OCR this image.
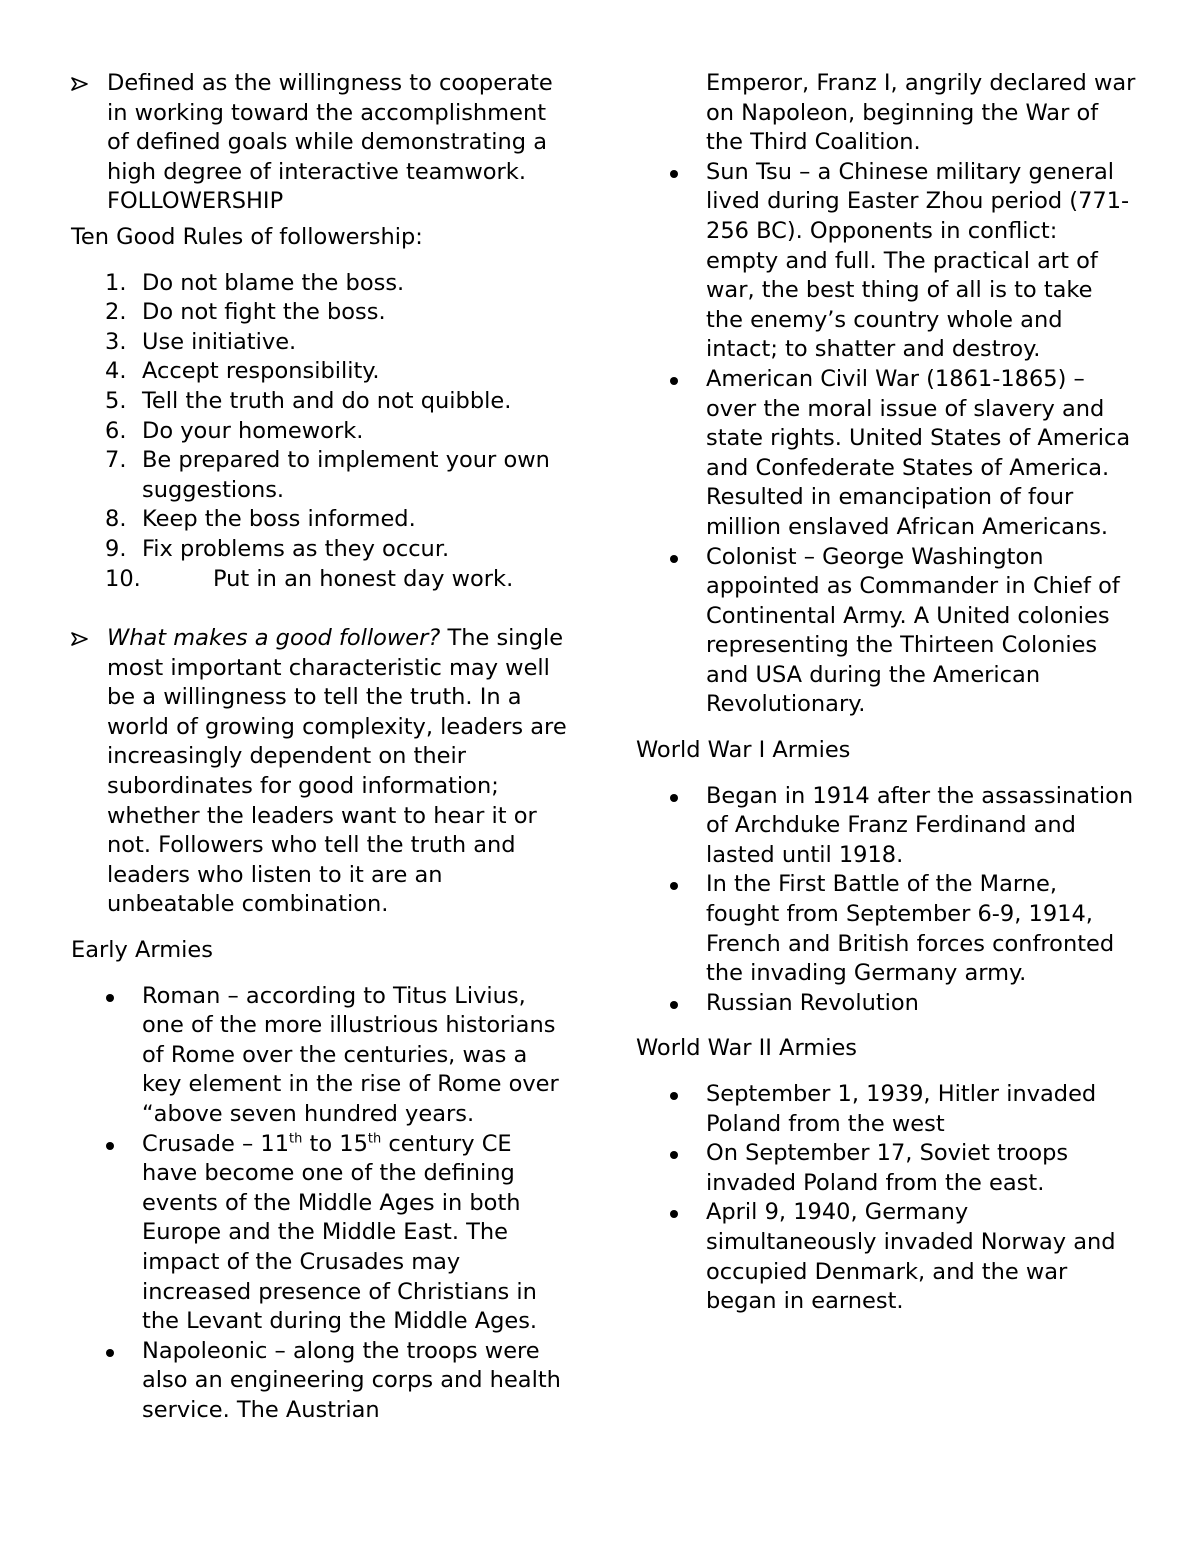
Defined as the willingness to cooperate in working toward the accomplishment of defined goals while demonstrating a high degree of interactive teamwork. FOLLOWERSHIP

Ten Good Rules of followership:

1. Do not blame the boss.
2. Do not fight the boss.
3. Use initiative.
4. Accept responsibility.
5. Tell the truth and do not quibble.
6. Do your homework.
7. Be prepared to implement your own suggestions.
8. Keep the boss informed.
9. Fix problems as they occur.
10.	Put in an honest day work.

What makes a good follower? The single most important characteristic may well be a willingness to tell the truth. In a world of growing complexity, leaders are increasingly dependent on their subordinates for good information; whether the leaders want to hear it or not. Followers who tell the truth and leaders who listen to it are an unbeatable combination.

Early Armies

Roman – according to Titus Livius, one of the more illustrious historians of Rome over the centuries, was a key element in the rise of Rome over “above seven hundred years.
Crusade – 11th to 15th century CE have become one of the defining events of the Middle Ages in both Europe and the Middle East. The impact of the Crusades may increased presence of Christians in the Levant during the Middle Ages.
Napoleonic – along the troops were also an engineering corps and health service. The Austrian
Emperor, Franz I, angrily declared war on Napoleon, beginning the War of the Third Coalition.
Sun Tsu – a Chinese military general lived during Easter Zhou period (771-256 BC). Opponents in conflict: empty and full. The practical art of war, the best thing of all is to take the enemy’s country whole and intact; to shatter and destroy.
American Civil War (1861-1865) – over the moral issue of slavery and state rights. United States of America and Confederate States of America. Resulted in emancipation of four million enslaved African Americans.
Colonist – George Washington appointed as Commander in Chief of Continental Army. A United colonies representing the Thirteen Colonies and USA during the American Revolutionary.

World War I Armies

Began in 1914 after the assassination of Archduke Franz Ferdinand and lasted until 1918.
In the First Battle of the Marne, fought from September 6-9, 1914, French and British forces confronted the invading Germany army.
Russian Revolution

World War II Armies

September 1, 1939, Hitler invaded Poland from the west
On September 17, Soviet troops invaded Poland from the east.
April 9, 1940, Germany simultaneously invaded Norway and occupied Denmark, and the war began in earnest.
